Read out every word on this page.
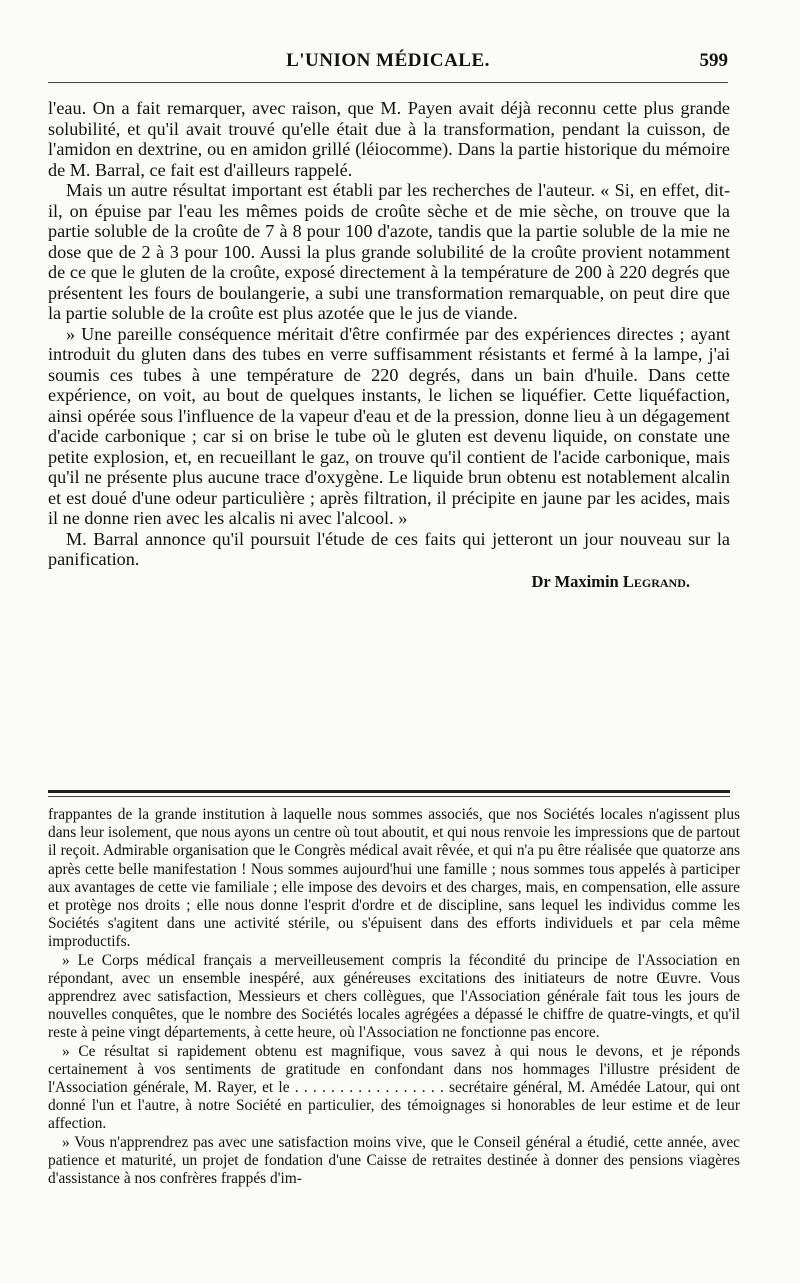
L'UNION MÉDICALE.	599

l'eau. On a fait remarquer, avec raison, que M. Payen avait déjà reconnu cette plus grande solubilité, et qu'il avait trouvé qu'elle était due à la transformation, pendant la cuisson, de l'amidon en dextrine, ou en amidon grillé (léiocomme). Dans la partie historique du mémoire de M. Barral, ce fait est d'ailleurs rappelé.

Mais un autre résultat important est établi par les recherches de l'auteur. « Si, en effet, dit-il, on épuise par l'eau les mêmes poids de croûte sèche et de mie sèche, on trouve que la partie soluble de la croûte de 7 à 8 pour 100 d'azote, tandis que la partie soluble de la mie ne dose que de 2 à 3 pour 100. Aussi la plus grande solubilité de la croûte provient notamment de ce que le gluten de la croûte, exposé directement à la température de 200 à 220 degrés que présentent les fours de boulangerie, a subi une transformation remarquable, on peut dire que la partie soluble de la croûte est plus azotée que le jus de viande.

» Une pareille conséquence méritait d'être confirmée par des expériences directes ; ayant introduit du gluten dans des tubes en verre suffisamment résistants et fermé à la lampe, j'ai soumis ces tubes à une température de 220 degrés, dans un bain d'huile. Dans cette expérience, on voit, au bout de quelques instants, le lichen se liquéfier. Cette liquéfaction, ainsi opérée sous l'influence de la vapeur d'eau et de la pression, donne lieu à un dégagement d'acide carbonique ; car si on brise le tube où le gluten est devenu liquide, on constate une petite explosion, et, en recueillant le gaz, on trouve qu'il contient de l'acide carbonique, mais qu'il ne présente plus aucune trace d'oxygène. Le liquide brun obtenu est notablement alcalin et est doué d'une odeur particulière ; après filtration, il précipite en jaune par les acides, mais il ne donne rien avec les alcalis ni avec l'alcool. »

M. Barral annonce qu'il poursuit l'étude de ces faits qui jetteront un jour nouveau sur la panification.

Dr Maximin Legrand.

frappantes de la grande institution à laquelle nous sommes associés, que nos Sociétés locales n'agissent plus dans leur isolement, que nous ayons un centre où tout aboutit, et qui nous renvoie les impressions que de partout il reçoit. Admirable organisation que le Congrès médical avait rêvée, et qui n'a pu être réalisée que quatorze ans après cette belle manifestation ! Nous sommes aujourd'hui une famille ; nous sommes tous appelés à participer aux avantages de cette vie familiale ; elle impose des devoirs et des charges, mais, en compensation, elle assure et protège nos droits ; elle nous donne l'esprit d'ordre et de discipline, sans lequel les individus comme les Sociétés s'agitent dans une activité stérile, ou s'épuisent dans des efforts individuels et par cela même improductifs.

» Le Corps médical français a merveilleusement compris la fécondité du principe de l'Association en répondant, avec un ensemble inespéré, aux généreuses excitations des initiateurs de notre Œuvre. Vous apprendrez avec satisfaction, Messieurs et chers collègues, que l'Association générale fait tous les jours de nouvelles conquêtes, que le nombre des Sociétés locales agrégées a dépassé le chiffre de quatre-vingts, et qu'il reste à peine vingt départements, à cette heure, où l'Association ne fonctionne pas encore.

» Ce résultat si rapidement obtenu est magnifique, vous savez à qui nous le devons, et je réponds certainement à vos sentiments de gratitude en confondant dans nos hommages l'illustre président de l'Association générale, M. Rayer, et le . . . . . . . . . . . . . . . . . secrétaire général, M. Amédée Latour, qui ont donné l'un et l'autre, à notre Société en particulier, des témoignages si honorables de leur estime et de leur affection.

» Vous n'apprendrez pas avec une satisfaction moins vive, que le Conseil général a étudié, cette année, avec patience et maturité, un projet de fondation d'une Caisse de retraites destinée à donner des pensions viagères d'assistance à nos confrères frappés d'im-
